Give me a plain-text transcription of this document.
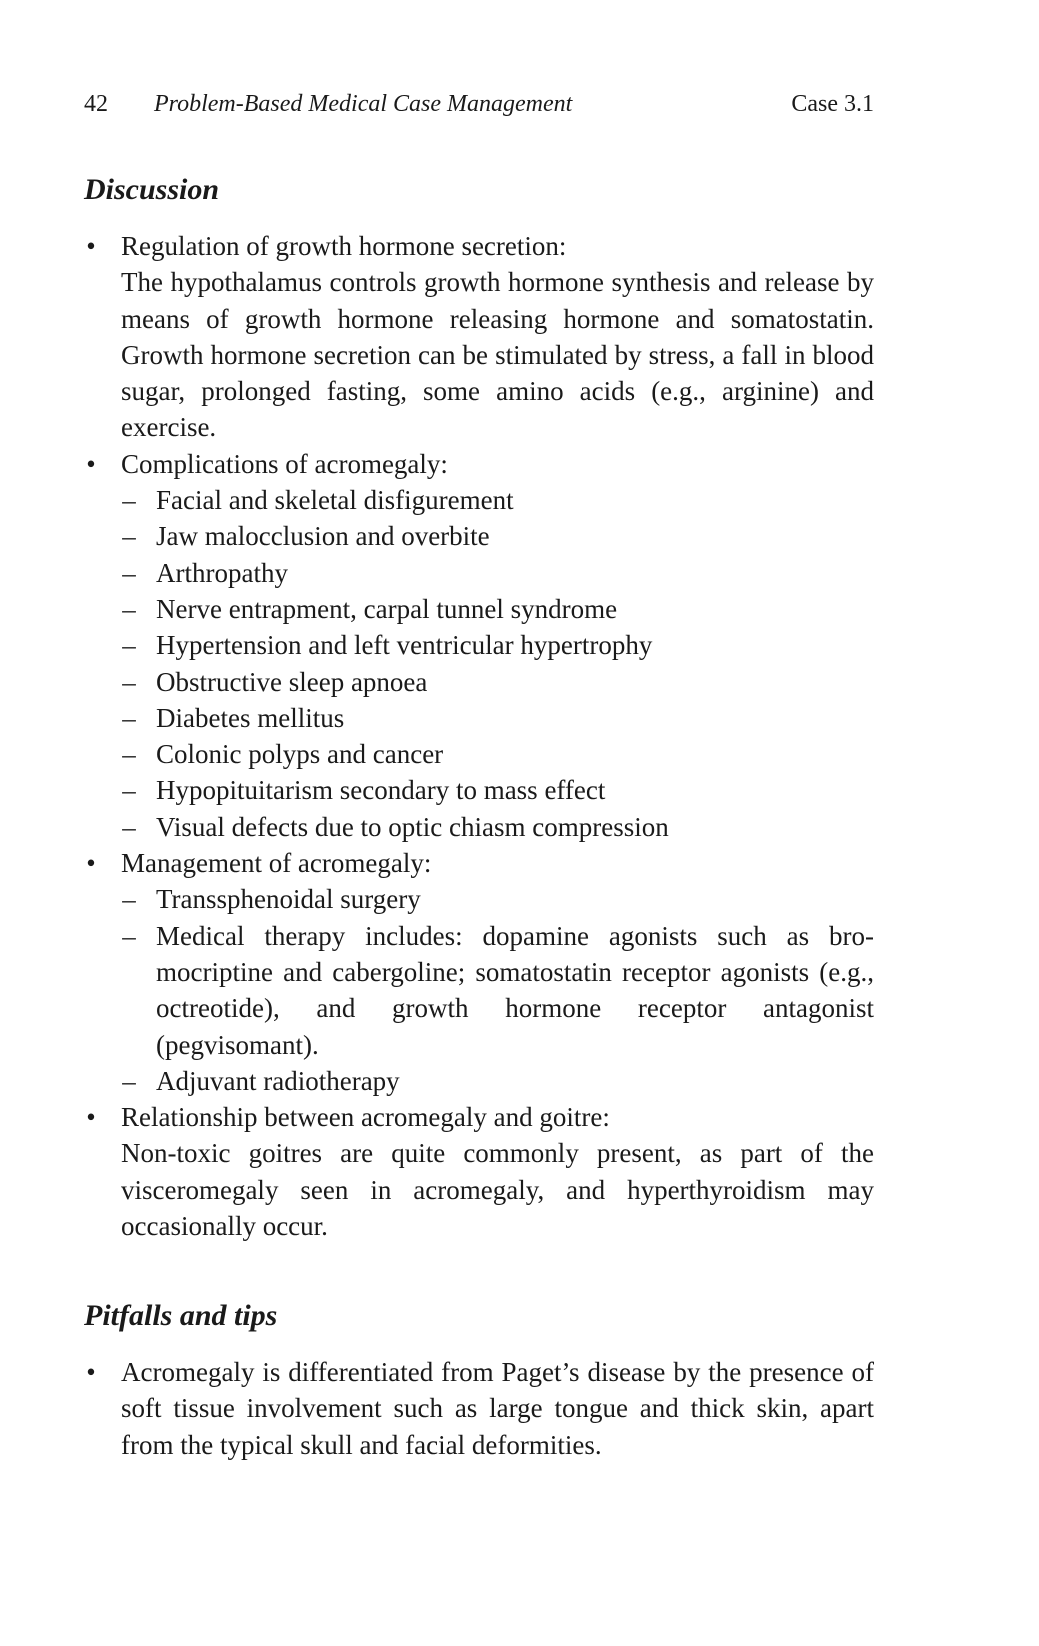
42 Problem-Based Medical Case Management	Case 3.1
Discussion
• Regulation of growth hormone secretion:
The hypothalamus controls growth hormone synthesis and release by means of growth hormone releasing hormone and somatostatin. Growth hormone secretion can be stimulated by stress, a fall in blood sugar, prolonged fasting, some amino acids (e.g., arginine) and exercise.
• Complications of acromegaly:
– Facial and skeletal disfigurement
– Jaw malocclusion and overbite
– Arthropathy
– Nerve entrapment, carpal tunnel syndrome
– Hypertension and left ventricular hypertrophy
– Obstructive sleep apnoea
– Diabetes mellitus
– Colonic polyps and cancer
– Hypopituitarism secondary to mass effect
– Visual defects due to optic chiasm compression
• Management of acromegaly:
– Transsphenoidal surgery
– Medical therapy includes: dopamine agonists such as bromocriptine and cabergoline; somatostatin receptor agonists (e.g., octreotide), and growth hormone receptor antagonist (pegvisomant).
– Adjuvant radiotherapy
• Relationship between acromegaly and goitre:
Non-toxic goitres are quite commonly present, as part of the visceromegaly seen in acromegaly, and hyperthyroidism may occasionally occur.
Pitfalls and tips
• Acromegaly is differentiated from Paget’s disease by the presence of soft tissue involvement such as large tongue and thick skin, apart from the typical skull and facial deformities.
